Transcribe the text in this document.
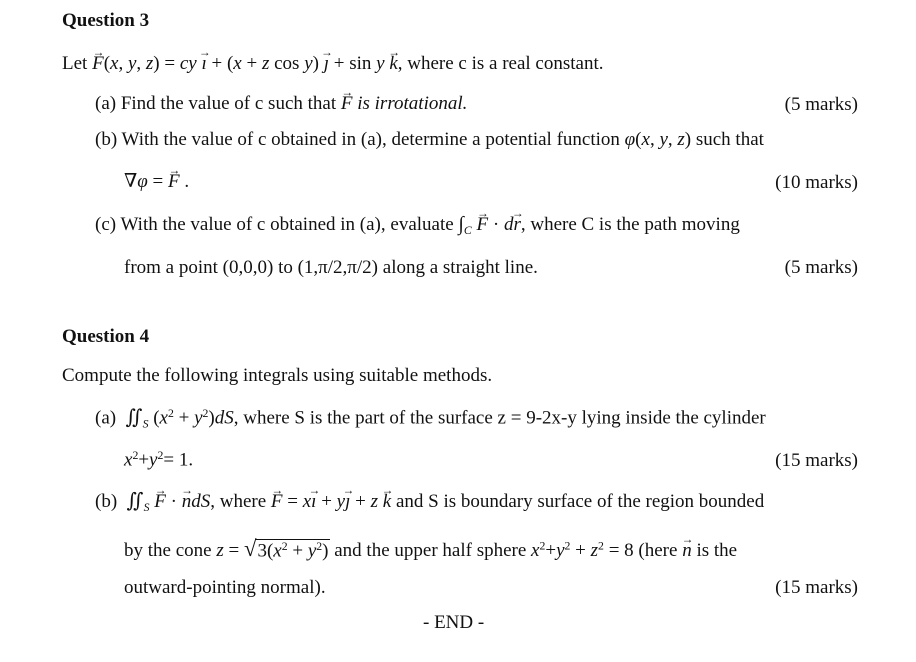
Question 3
Let → F(x, y, z) = cy → ı + (x + z cos y) → ȷ + sin y → k, where c is a real constant.
(a) Find the value of c such that → F is irrotational.	(5 marks)
(b) With the value of c obtained in (a), determine a potential function φ(x, y, z) such that
∇φ = → F .	(10 marks)
(c) With the value of c obtained in (a), evaluate $\int_C \to F \cdot d\to r$, where C is the path moving
from a point (0,0,0) to (1,π/2,π/2) along a straight line.	(5 marks)
Question 4
Compute the following integrals using suitable methods.
(a)  $∬_S$ $(x^2 + y^2)dS$, where S is the part of the surface z = 9-2x-y lying inside the cylinder
$x^2+y^2= 1$.	(15 marks)
(b)  $∬_S \to F$ · → ndS, where → F = x→ ı + y→ ȷ + z → k and S is boundary surface of the region bounded
by the cone $z = √3(x^2 + y^2)$ and the upper half sphere $x^2+y^2 + z^2 = 8$ (here → n is the
outward-pointing normal).	(15 marks)
- END -
